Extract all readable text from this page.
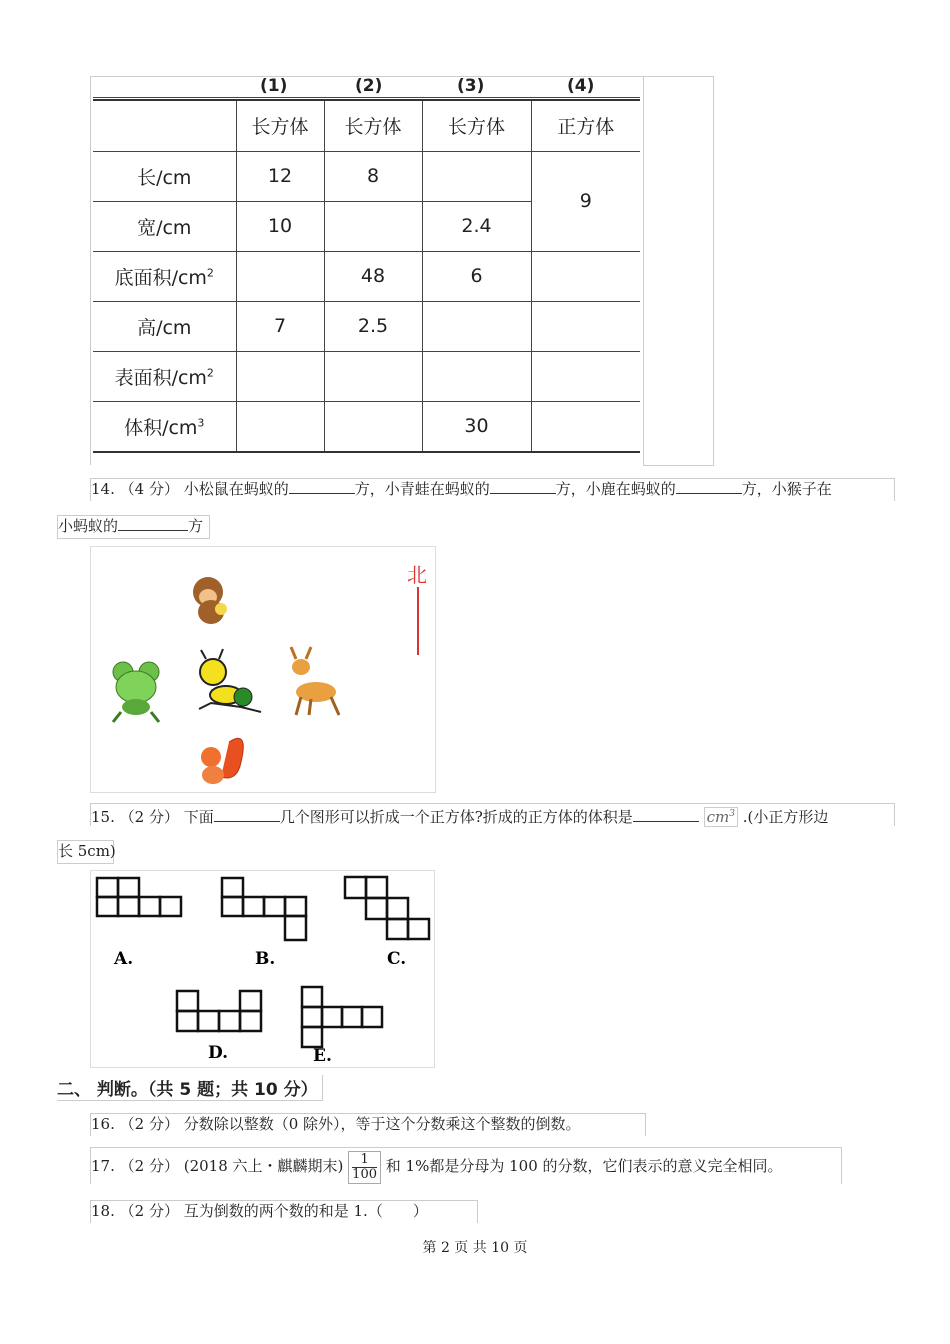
(1)	(2)	(3)	(4)
	长方体	长方体	长方体	正方体
长/cm	12	8		9
宽/cm	10		2.4	
底面积$/cm^2$		48	6	
高/cm	7	2.5		
表面积$/cm^2$				
体积$/cm^3$			30	
14. （4 分） 小松鼠在蚂蚁的	方，小青蛙在蚂蚁的	方，小鹿在蚂蚁的	方，小猴子在
小蚂蚁的	方
北
15. （2 分） 下面	几个图形可以折成一个正方体?折成的正方体的体积是	$cm^3$ .(小正方形边
长 5cm)
A.	B.	C.
D.	E.
二、 判断。（共 5 题；共 10 分）
16. （2 分） 分数除以整数（0 除外），等于这个分数乘这个整数的倒数。
17. （2 分） (2018 六上・麒麟期末) $\frac{1}{100}$ 和 1%都是分母为 100 的分数，它们表示的意义完全相同。
18. （2 分） 互为倒数的两个数的和是 1.（　　）
第 2 页 共 10 页
